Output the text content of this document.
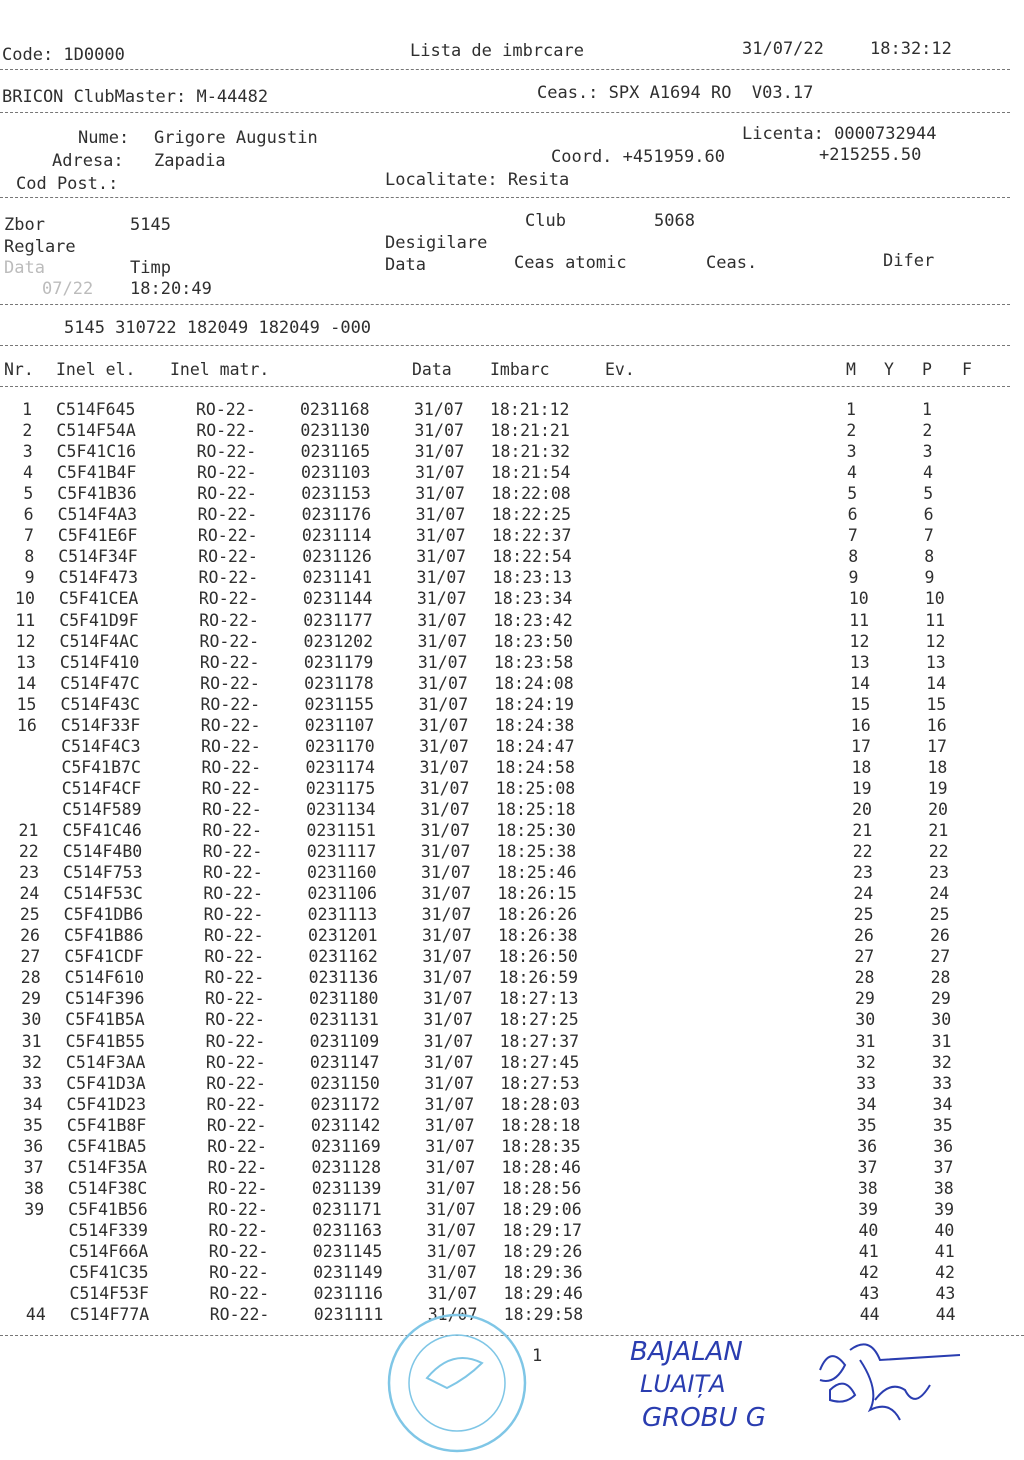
Code: 1D0000	Lista de imbrcare	31/07/22	18:32:12
BRICON ClubMaster: M-44482	Ceas.: SPX A1694 RO  V03.17
Nume: Grigore Augustin
Adresa: Zapadia
Cod Post.:
Licenta: 0000732944
Coord. +451959.60	+215255.50
Localitate: Resita
Zbor	5145	Club	5068
Reglare	Desigilare
Data	Timp	Data	Ceas atomic	Ceas.	Difer
07/22 18:20:49
5145 310722 182049 182049 -000
Nr. Inel el. Inel matr.	Data Imbarc	Ev.	M Y P F
1 C514F645	RO-22-	0231168	31/07 18:21:12	1	1
2 C514F54A	RO-22-	0231130	31/07 18:21:21	2	2
3 C5F41C16	RO-22-	0231165	31/07 18:21:32	3	3
4 C5F41B4F	RO-22-	0231103	31/07 18:21:54	4	4
5 C5F41B36	RO-22-	0231153	31/07 18:22:08	5	5
6 C514F4A3	RO-22-	0231176	31/07 18:22:25	6	6
7 C5F41E6F	RO-22-	0231114	31/07 18:22:37	7	7
8 C514F34F	RO-22-	0231126	31/07 18:22:54	8	8
9 C514F473	RO-22-	0231141	31/07 18:23:13	9	9
10 C5F41CEA	RO-22-	0231144	31/07 18:23:34	10	10
11 C5F41D9F	RO-22-	0231177	31/07 18:23:42	11	11
12 C514F4AC	RO-22-	0231202	31/07 18:23:50	12	12
13 C514F410	RO-22-	0231179	31/07 18:23:58	13	13
14 C514F47C	RO-22-	0231178	31/07 18:24:08	14	14
15 C514F43C	RO-22-	0231155	31/07 18:24:19	15	15
16 C514F33F	RO-22-	0231107	31/07 18:24:38	16	16
C514F4C3	RO-22-	0231170	31/07 18:24:47	17	17
C5F41B7C	RO-22-	0231174	31/07 18:24:58	18	18
C514F4CF	RO-22-	0231175	31/07 18:25:08	19	19
C514F589	RO-22-	0231134	31/07 18:25:18	20	20
21 C5F41C46	RO-22-	0231151	31/07 18:25:30	21	21
22 C514F4B0	RO-22-	0231117	31/07 18:25:38	22	22
23 C514F753	RO-22-	0231160	31/07 18:25:46	23	23
24 C514F53C	RO-22-	0231106	31/07 18:26:15	24	24
25 C5F41DB6	RO-22-	0231113	31/07 18:26:26	25	25
26 C5F41B86	RO-22-	0231201	31/07 18:26:38	26	26
27 C5F41CDF	RO-22-	0231162	31/07 18:26:50	27	27
28 C514F610	RO-22-	0231136	31/07 18:26:59	28	28
29 C514F396	RO-22-	0231180	31/07 18:27:13	29	29
30 C5F41B5A	RO-22-	0231131	31/07 18:27:25	30	30
31 C5F41B55	RO-22-	0231109	31/07 18:27:37	31	31
32 C514F3AA	RO-22-	0231147	31/07 18:27:45	32	32
33 C5F41D3A	RO-22-	0231150	31/07 18:27:53	33	33
34 C5F41D23	RO-22-	0231172	31/07 18:28:03	34	34
35 C5F41B8F	RO-22-	0231142	31/07 18:28:18	35	35
36 C5F41BA5	RO-22-	0231169	31/07 18:28:35	36	36
37 C514F35A	RO-22-	0231128	31/07 18:28:46	37	37
38 C514F38C	RO-22-	0231139	31/07 18:28:56	38	38
39 C5F41B56	RO-22-	0231171	31/07 18:29:06	39	39
C514F339	RO-22-	0231163	31/07 18:29:17	40	40
C514F66A	RO-22-	0231145	31/07 18:29:26	41	41
C5F41C35	RO-22-	0231149	31/07 18:29:36	42	42
C514F53F	RO-22-	0231116	31/07 18:29:46	43	43
44 C514F77A	RO-22-	0231111	31/07 18:29:58	44	44
1	BAJALAN
LUAIȚA
GROBU G
